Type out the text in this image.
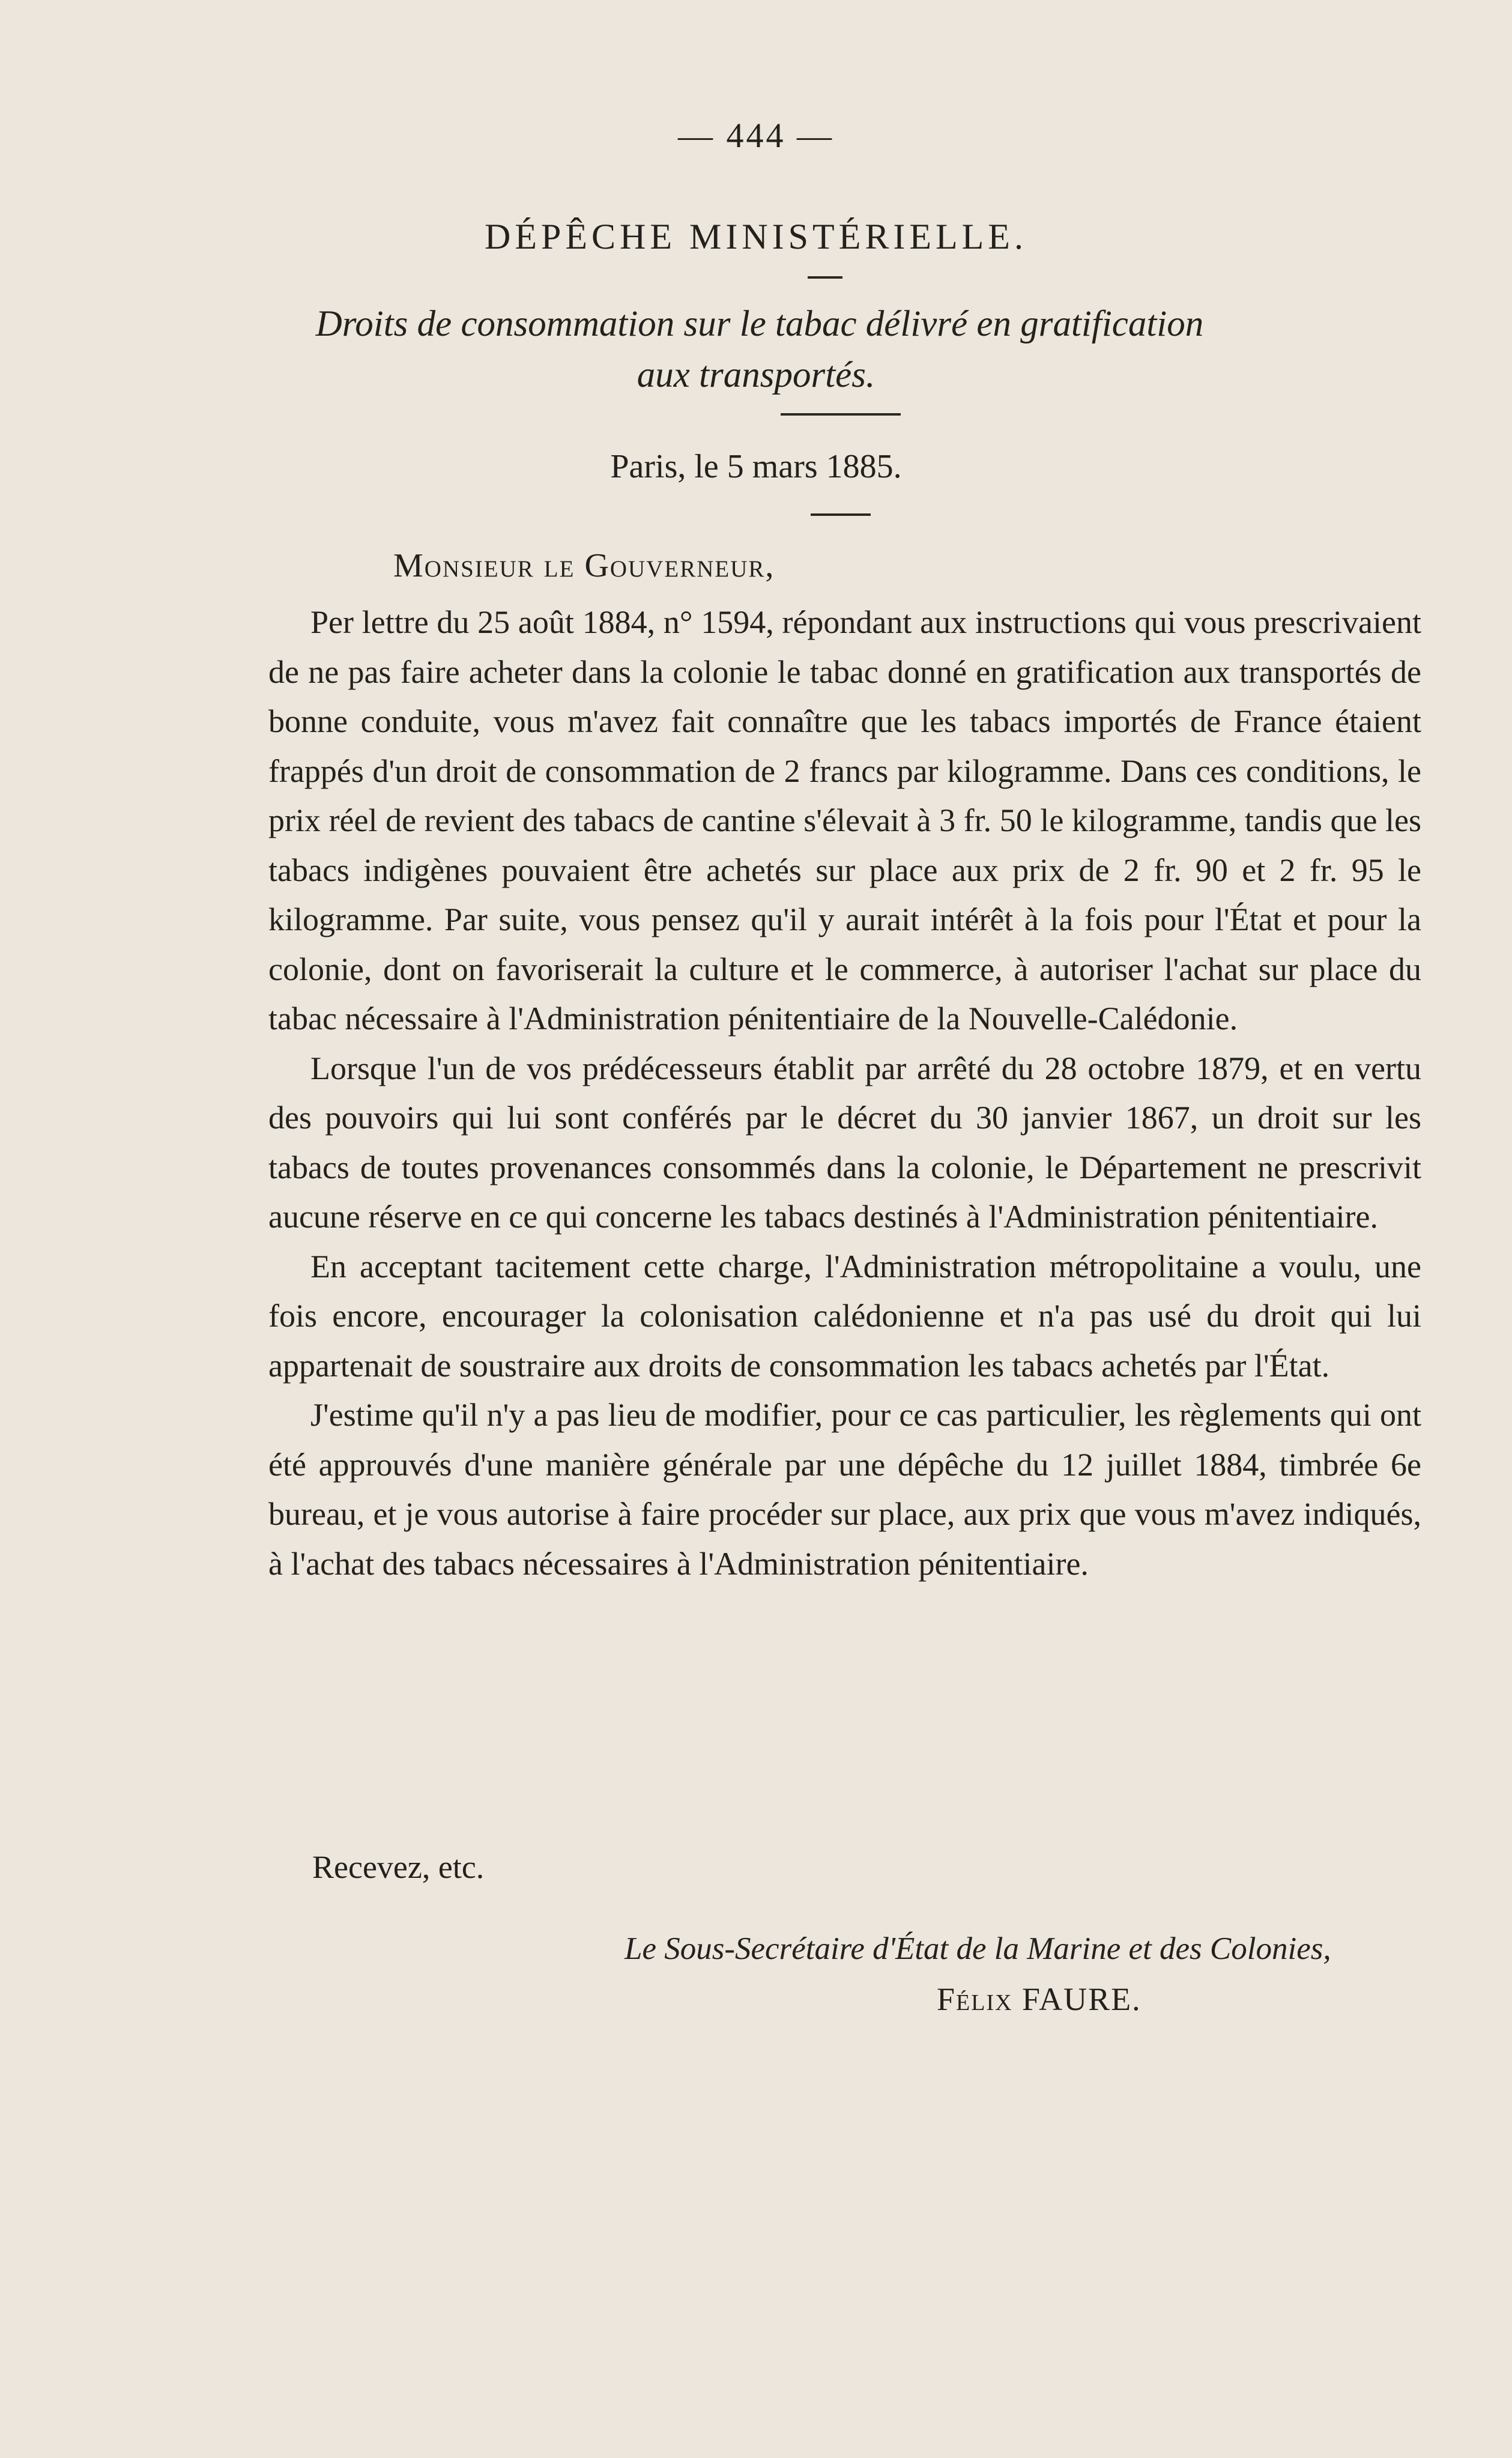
— 444 —
DÉPÊCHE MINISTÉRIELLE.
Droits de consommation sur le tabac délivré en gratification
aux transportés.
Paris, le 5 mars 1885.
Monsieur le Gouverneur,

Per lettre du 25 août 1884, n° 1594, répondant aux instructions qui vous prescrivaient de ne pas faire acheter dans la colonie le tabac donné en gratification aux transportés de bonne conduite, vous m'avez fait connaître que les tabacs importés de France étaient frappés d'un droit de consommation de 2 francs par kilogramme. Dans ces conditions, le prix réel de revient des tabacs de cantine s'élevait à 3 fr. 50 le kilogramme, tandis que les tabacs indigènes pouvaient être achetés sur place aux prix de 2 fr. 90 et 2 fr. 95 le kilogramme. Par suite, vous pensez qu'il y aurait intérêt à la fois pour l'État et pour la colonie, dont on favoriserait la culture et le commerce, à autoriser l'achat sur place du tabac nécessaire à l'Administration pénitentiaire de la Nouvelle-Calédonie.

Lorsque l'un de vos prédécesseurs établit par arrêté du 28 octobre 1879, et en vertu des pouvoirs qui lui sont conférés par le décret du 30 janvier 1867, un droit sur les tabacs de toutes provenances consommés dans la colonie, le Département ne prescrivit aucune réserve en ce qui concerne les tabacs destinés à l'Administration pénitentiaire.

En acceptant tacitement cette charge, l'Administration métropolitaine a voulu, une fois encore, encourager la colonisation calédonienne et n'a pas usé du droit qui lui appartenait de soustraire aux droits de consommation les tabacs achetés par l'État.

J'estime qu'il n'y a pas lieu de modifier, pour ce cas particulier, les règlements qui ont été approuvés d'une manière générale par une dépêche du 12 juillet 1884, timbrée 6e bureau, et je vous autorise à faire procéder sur place, aux prix que vous m'avez indiqués, à l'achat des tabacs nécessaires à l'Administration pénitentiaire.

Recevez, etc.
Le Sous-Secrétaire d'État de la Marine et des Colonies,
Félix FAURE.
